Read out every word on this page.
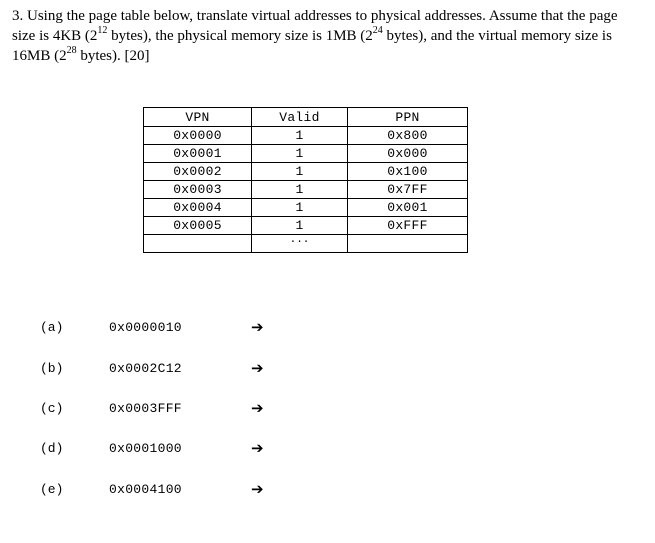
3. Using the page table below, translate virtual addresses to physical addresses. Assume that the page size is 4KB ($2^{12}$ bytes), the physical memory size is 1MB ($2^{24}$ bytes), and the virtual memory size is 16MB ($2^{28}$ bytes). [20]
VPN	Valid	PPN
0x0000	1	0x800
0x0001	1	0x000
0x0002	1	0x100
0x0003	1	0x7FF
0x0004	1	0x001
0x0005	1	0xFFF
	...	
(a)	0x0000010	➔
(b)	0x0002C12	➔
(c)	0x0003FFF	➔
(d)	0x0001000	➔
(e)	0x0004100	➔
